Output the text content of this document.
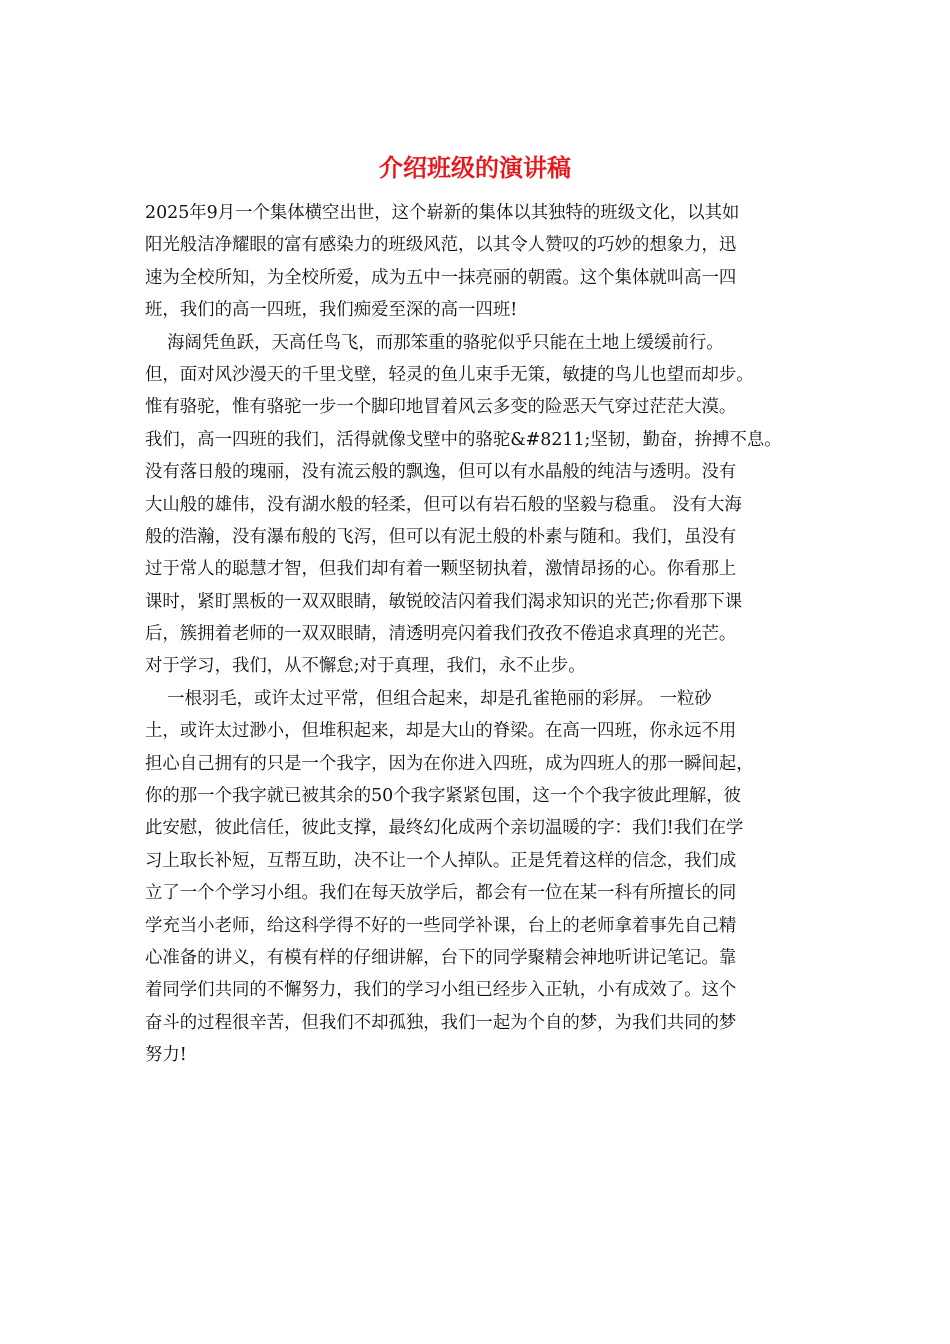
介绍班级的演讲稿
2025年9月一个集体横空出世，这个崭新的集体以其独特的班级文化，以其如
阳光般洁净耀眼的富有感染力的班级风范，以其令人赞叹的巧妙的想象力，迅
速为全校所知，为全校所爱，成为五中一抹亮丽的朝霞。这个集体就叫高一四
班，我们的高一四班，我们痴爱至深的高一四班!
海阔凭鱼跃，天高任鸟飞，而那笨重的骆驼似乎只能在土地上缓缓前行。
但，面对风沙漫天的千里戈壁，轻灵的鱼儿束手无策，敏捷的鸟儿也望而却步。
惟有骆驼，惟有骆驼一步一个脚印地冒着风云多变的险恶天气穿过茫茫大漠。
我们，高一四班的我们，活得就像戈壁中的骆驼&#8211;坚韧，勤奋，拚搏不息。
没有落日般的瑰丽，没有流云般的飘逸，但可以有水晶般的纯洁与透明。没有
大山般的雄伟，没有湖水般的轻柔，但可以有岩石般的坚毅与稳重。 没有大海
般的浩瀚，没有瀑布般的飞泻，但可以有泥土般的朴素与随和。我们，虽没有
过于常人的聪慧才智，但我们却有着一颗坚韧执着，激情昂扬的心。你看那上
课时，紧盯黑板的一双双眼睛，敏锐皎洁闪着我们渴求知识的光芒;你看那下课
后，簇拥着老师的一双双眼睛，清透明亮闪着我们孜孜不倦追求真理的光芒。
对于学习，我们，从不懈怠;对于真理，我们，永不止步。
一根羽毛，或许太过平常，但组合起来，却是孔雀艳丽的彩屏。 一粒砂
土，或许太过渺小，但堆积起来，却是大山的脊梁。在高一四班，你永远不用
担心自己拥有的只是一个我字，因为在你进入四班，成为四班人的那一瞬间起，
你的那一个我字就已被其余的50个我字紧紧包围，这一个个我字彼此理解，彼
此安慰，彼此信任，彼此支撑，最终幻化成两个亲切温暖的字：我们!我们在学
习上取长补短，互帮互助，决不让一个人掉队。正是凭着这样的信念，我们成
立了一个个学习小组。我们在每天放学后，都会有一位在某一科有所擅长的同
学充当小老师，给这科学得不好的一些同学补课，台上的老师拿着事先自己精
心准备的讲义，有模有样的仔细讲解，台下的同学聚精会神地听讲记笔记。靠
着同学们共同的不懈努力，我们的学习小组已经步入正轨，小有成效了。这个
奋斗的过程很辛苦，但我们不却孤独，我们一起为个自的梦，为我们共同的梦
努力!
